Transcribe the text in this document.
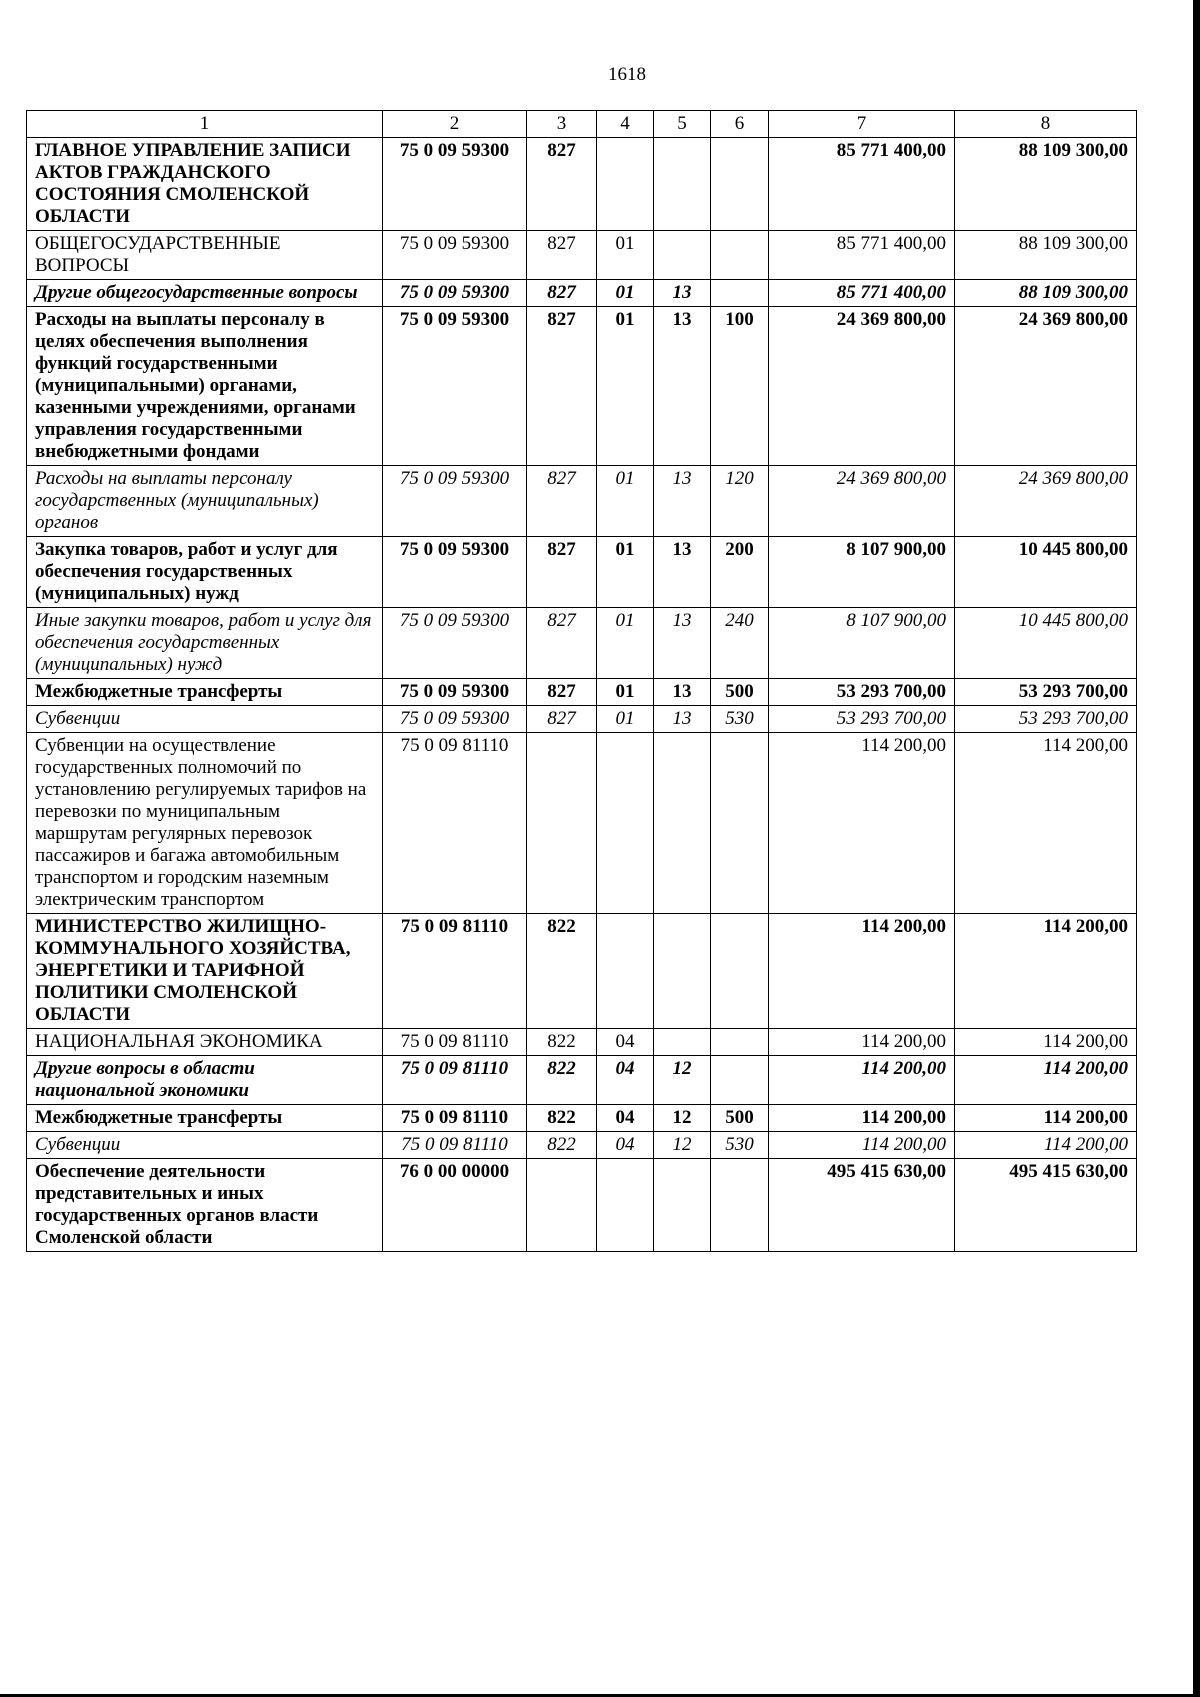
1618
1	2	3	4	5	6	7	8
ГЛАВНОЕ УПРАВЛЕНИЕ ЗАПИСИ АКТОВ ГРАЖДАНСКОГО СОСТОЯНИЯ СМОЛЕНСКОЙ ОБЛАСТИ	75 0 09 59300	827				85 771 400,00	88 109 300,00
ОБЩЕГОСУДАРСТВЕННЫЕ ВОПРОСЫ	75 0 09 59300	827	01			85 771 400,00	88 109 300,00
Другие общегосударственные вопросы	75 0 09 59300	827	01	13		85 771 400,00	88 109 300,00
Расходы на выплаты персоналу в целях обеспечения выполнения функций государственными (муниципальными) органами, казенными учреждениями, органами управления государственными внебюджетными фондами	75 0 09 59300	827	01	13	100	24 369 800,00	24 369 800,00
Расходы на выплаты персоналу государственных (муниципальных) органов	75 0 09 59300	827	01	13	120	24 369 800,00	24 369 800,00
Закупка товаров, работ и услуг для обеспечения государственных (муниципальных) нужд	75 0 09 59300	827	01	13	200	8 107 900,00	10 445 800,00
Иные закупки товаров, работ и услуг для обеспечения государственных (муниципальных) нужд	75 0 09 59300	827	01	13	240	8 107 900,00	10 445 800,00
Межбюджетные трансферты	75 0 09 59300	827	01	13	500	53 293 700,00	53 293 700,00
Субвенции	75 0 09 59300	827	01	13	530	53 293 700,00	53 293 700,00
Субвенции на осуществление государственных полномочий по установлению регулируемых тарифов на перевозки по муниципальным маршрутам регулярных перевозок пассажиров и багажа автомобильным транспортом и городским наземным электрическим транспортом	75 0 09 81110					114 200,00	114 200,00
МИНИСТЕРСТВО ЖИЛИЩНО-КОММУНАЛЬНОГО ХОЗЯЙСТВА, ЭНЕРГЕТИКИ И ТАРИФНОЙ ПОЛИТИКИ СМОЛЕНСКОЙ ОБЛАСТИ	75 0 09 81110	822				114 200,00	114 200,00
НАЦИОНАЛЬНАЯ ЭКОНОМИКА	75 0 09 81110	822	04			114 200,00	114 200,00
Другие вопросы в области национальной экономики	75 0 09 81110	822	04	12		114 200,00	114 200,00
Межбюджетные трансферты	75 0 09 81110	822	04	12	500	114 200,00	114 200,00
Субвенции	75 0 09 81110	822	04	12	530	114 200,00	114 200,00
Обеспечение деятельности представительных и иных государственных органов власти Смоленской области	76 0 00 00000					495 415 630,00	495 415 630,00
